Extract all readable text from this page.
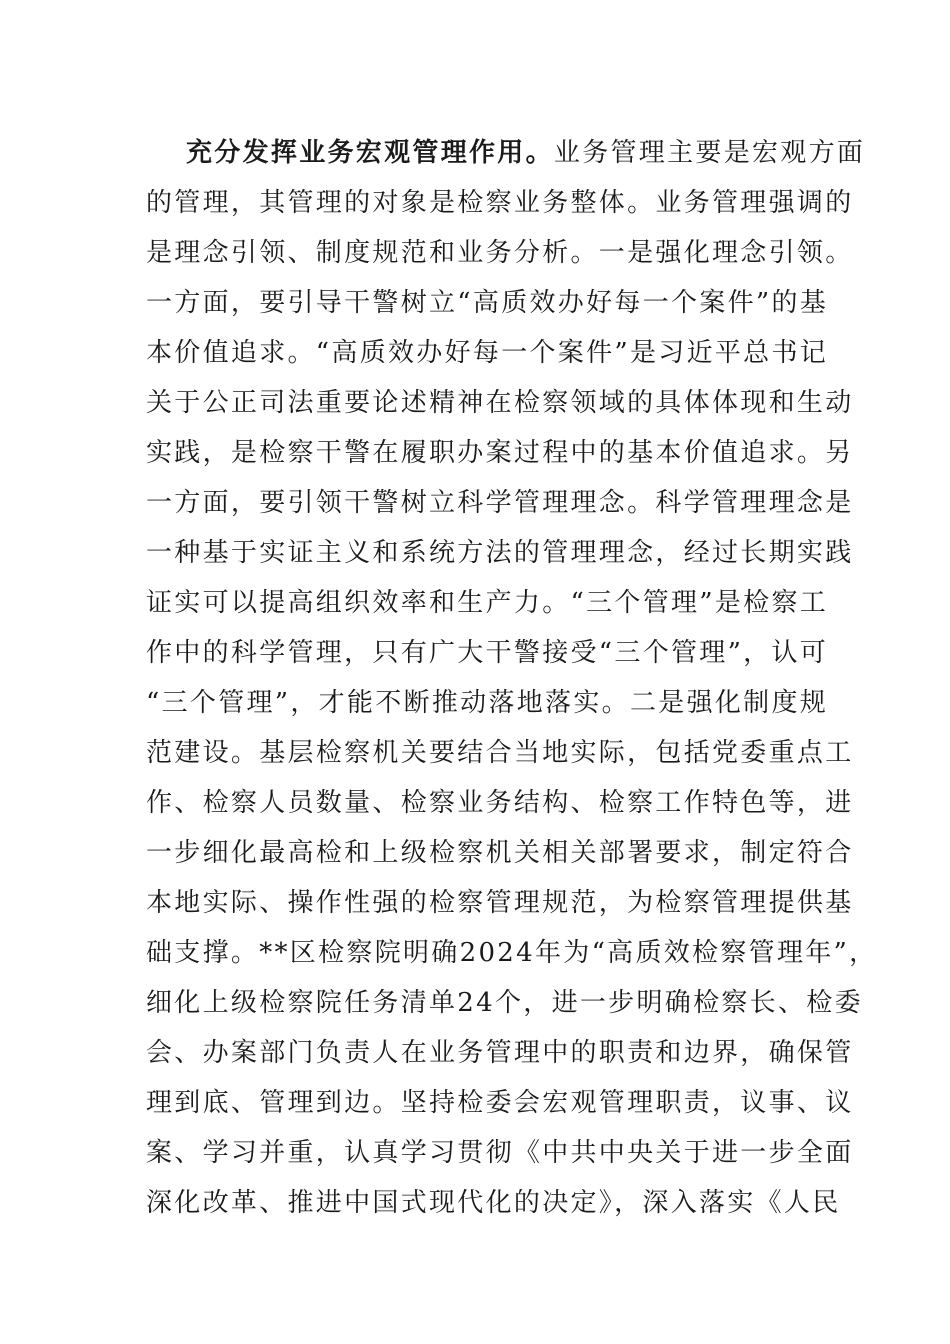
充分发挥业务宏观管理作用。业务管理主要是宏观方面
的管理，其管理的对象是检察业务整体。业务管理强调的
是理念引领、制度规范和业务分析。一是强化理念引领。
一方面，要引导干警树立“高质效办好每一个案件”的基
本价值追求。“高质效办好每一个案件”是习近平总书记
关于公正司法重要论述精神在检察领域的具体体现和生动
实践，是检察干警在履职办案过程中的基本价值追求。另
一方面，要引领干警树立科学管理理念。科学管理理念是
一种基于实证主义和系统方法的管理理念，经过长期实践
证实可以提高组织效率和生产力。“三个管理”是检察工
作中的科学管理，只有广大干警接受“三个管理”，认可
“三个管理”，才能不断推动落地落实。二是强化制度规
范建设。基层检察机关要结合当地实际，包括党委重点工
作、检察人员数量、检察业务结构、检察工作特色等，进
一步细化最高检和上级检察机关相关部署要求，制定符合
本地实际、操作性强的检察管理规范，为检察管理提供基
础支撑。**区检察院明确2024年为“高质效检察管理年”，
细化上级检察院任务清单24个，进一步明确检察长、检委
会、办案部门负责人在业务管理中的职责和边界，确保管
理到底、管理到边。坚持检委会宏观管理职责，议事、议
案、学习并重，认真学习贯彻《中共中央关于进一步全面
深化改革、推进中国式现代化的决定》，深入落实《人民
